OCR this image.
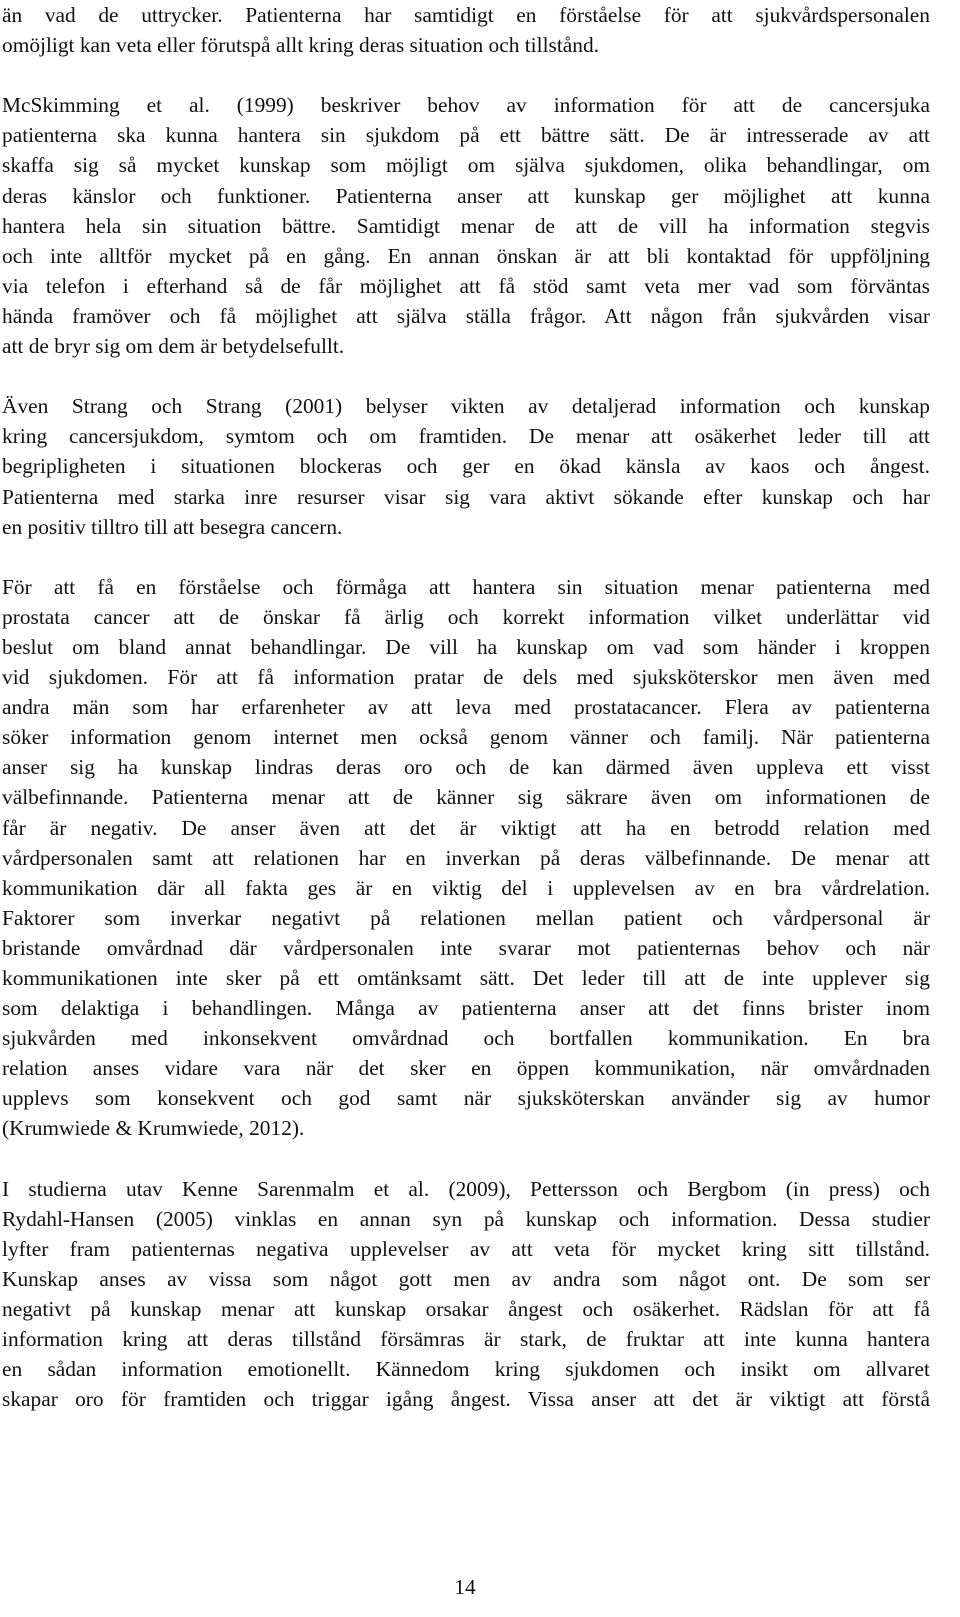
än vad de uttrycker. Patienterna har samtidigt en förståelse för att sjukvårdspersonalen
omöjligt kan veta eller förutspå allt kring deras situation och tillstånd.
McSkimming et al. (1999) beskriver behov av information för att de cancersjuka
patienterna ska kunna hantera sin sjukdom på ett bättre sätt. De är intresserade av att
skaffa sig så mycket kunskap som möjligt om själva sjukdomen, olika behandlingar, om
deras känslor och funktioner. Patienterna anser att kunskap ger möjlighet att kunna
hantera hela sin situation bättre. Samtidigt menar de att de vill ha information stegvis
och inte alltför mycket på en gång. En annan önskan är att bli kontaktad för uppföljning
via telefon i efterhand så de får möjlighet att få stöd samt veta mer vad som förväntas
hända framöver och få möjlighet att själva ställa frågor. Att någon från sjukvården visar
att de bryr sig om dem är betydelsefullt.
Även Strang och Strang (2001) belyser vikten av detaljerad information och kunskap
kring cancersjukdom, symtom och om framtiden. De menar att osäkerhet leder till att
begripligheten i situationen blockeras och ger en ökad känsla av kaos och ångest.
Patienterna med starka inre resurser visar sig vara aktivt sökande efter kunskap och har
en positiv tilltro till att besegra cancern.
För att få en förståelse och förmåga att hantera sin situation menar patienterna med
prostata cancer att de önskar få ärlig och korrekt information vilket underlättar vid
beslut om bland annat behandlingar. De vill ha kunskap om vad som händer i kroppen
vid sjukdomen. För att få information pratar de dels med sjuksköterskor men även med
andra män som har erfarenheter av att leva med prostatacancer. Flera av patienterna
söker information genom internet men också genom vänner och familj. När patienterna
anser sig ha kunskap lindras deras oro och de kan därmed även uppleva ett visst
välbefinnande. Patienterna menar att de känner sig säkrare även om informationen de
får är negativ. De anser även att det är viktigt att ha en betrodd relation med
vårdpersonalen samt att relationen har en inverkan på deras välbefinnande. De menar att
kommunikation där all fakta ges är en viktig del i upplevelsen av en bra vårdrelation.
Faktorer som inverkar negativt på relationen mellan patient och vårdpersonal är
bristande omvårdnad där vårdpersonalen inte svarar mot patienternas behov och när
kommunikationen inte sker på ett omtänksamt sätt. Det leder till att de inte upplever sig
som delaktiga i behandlingen. Många av patienterna anser att det finns brister inom
sjukvården med inkonsekvent omvårdnad och bortfallen kommunikation. En bra
relation anses vidare vara när det sker en öppen kommunikation, när omvårdnaden
upplevs som konsekvent och god samt när sjuksköterskan använder sig av humor
(Krumwiede & Krumwiede, 2012).
I studierna utav Kenne Sarenmalm et al. (2009), Pettersson och Bergbom (in press) och
Rydahl-Hansen (2005) vinklas en annan syn på kunskap och information. Dessa studier
lyfter fram patienternas negativa upplevelser av att veta för mycket kring sitt tillstånd.
Kunskap anses av vissa som något gott men av andra som något ont. De som ser
negativt på kunskap menar att kunskap orsakar ångest och osäkerhet. Rädslan för att få
information kring att deras tillstånd försämras är stark, de fruktar att inte kunna hantera
en sådan information emotionellt. Kännedom kring sjukdomen och insikt om allvaret
skapar oro för framtiden och triggar igång ångest. Vissa anser att det är viktigt att förstå
14
